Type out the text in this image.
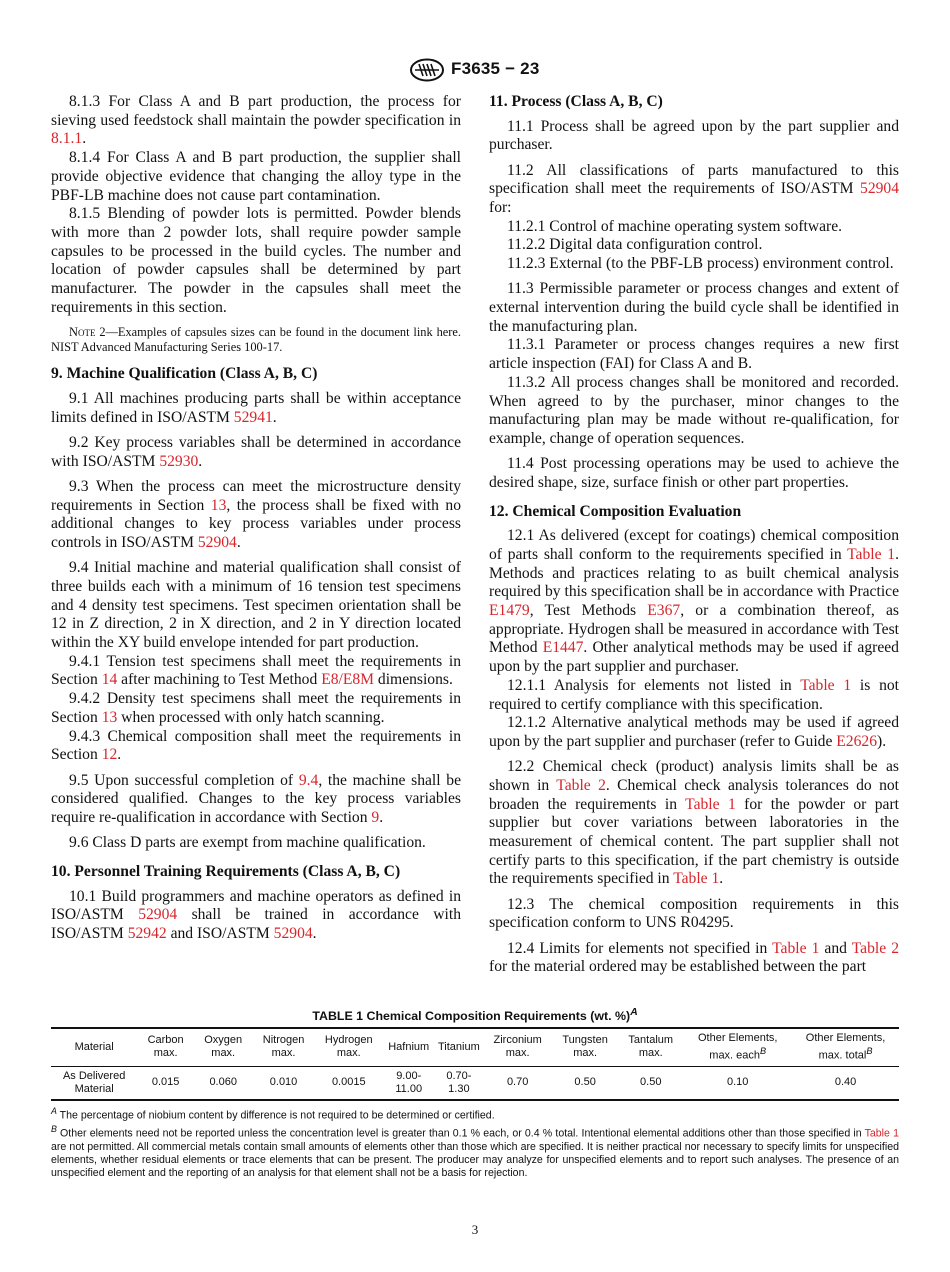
F3635 − 23

8.1.3 For Class A and B part production, the process for sieving used feedstock shall maintain the powder specification in 8.1.1.

8.1.4 For Class A and B part production, the supplier shall provide objective evidence that changing the alloy type in the PBF-LB machine does not cause part contamination.

8.1.5 Blending of powder lots is permitted. Powder blends with more than 2 powder lots, shall require powder sample capsules to be processed in the build cycles. The number and location of powder capsules shall be determined by part manufacturer. The powder in the capsules shall meet the requirements in this section.

Note 2—Examples of capsules sizes can be found in the document link here. NIST Advanced Manufacturing Series 100-17.

9. Machine Qualification (Class A, B, C)

9.1 All machines producing parts shall be within acceptance limits defined in ISO/ASTM 52941.

9.2 Key process variables shall be determined in accordance with ISO/ASTM 52930.

9.3 When the process can meet the microstructure density requirements in Section 13, the process shall be fixed with no additional changes to key process variables under process controls in ISO/ASTM 52904.

9.4 Initial machine and material qualification shall consist of three builds each with a minimum of 16 tension test specimens and 4 density test specimens. Test specimen orientation shall be 12 in Z direction, 2 in X direction, and 2 in Y direction located within the XY build envelope intended for part production.

9.4.1 Tension test specimens shall meet the requirements in Section 14 after machining to Test Method E8/E8M dimensions.

9.4.2 Density test specimens shall meet the requirements in Section 13 when processed with only hatch scanning.

9.4.3 Chemical composition shall meet the requirements in Section 12.

9.5 Upon successful completion of 9.4, the machine shall be considered qualified. Changes to the key process variables require re-qualification in accordance with Section 9.

9.6 Class D parts are exempt from machine qualification.

10. Personnel Training Requirements (Class A, B, C)

10.1 Build programmers and machine operators as defined in ISO/ASTM 52904 shall be trained in accordance with ISO/ASTM 52942 and ISO/ASTM 52904.

11. Process (Class A, B, C)

11.1 Process shall be agreed upon by the part supplier and purchaser.

11.2 All classifications of parts manufactured to this specification shall meet the requirements of ISO/ASTM 52904 for:

11.2.1 Control of machine operating system software.

11.2.2 Digital data configuration control.

11.2.3 External (to the PBF-LB process) environment control.

11.3 Permissible parameter or process changes and extent of external intervention during the build cycle shall be identified in the manufacturing plan.

11.3.1 Parameter or process changes requires a new first article inspection (FAI) for Class A and B.

11.3.2 All process changes shall be monitored and recorded. When agreed to by the purchaser, minor changes to the manufacturing plan may be made without re-qualification, for example, change of operation sequences.

11.4 Post processing operations may be used to achieve the desired shape, size, surface finish or other part properties.

12. Chemical Composition Evaluation

12.1 As delivered (except for coatings) chemical composition of parts shall conform to the requirements specified in Table 1. Methods and practices relating to as built chemical analysis required by this specification shall be in accordance with Practice E1479, Test Methods E367, or a combination thereof, as appropriate. Hydrogen shall be measured in accordance with Test Method E1447. Other analytical methods may be used if agreed upon by the part supplier and purchaser.

12.1.1 Analysis for elements not listed in Table 1 is not required to certify compliance with this specification.

12.1.2 Alternative analytical methods may be used if agreed upon by the part supplier and purchaser (refer to Guide E2626).

12.2 Chemical check (product) analysis limits shall be as shown in Table 2. Chemical check analysis tolerances do not broaden the requirements in Table 1 for the powder or part supplier but cover variations between laboratories in the measurement of chemical content. The part supplier shall not certify parts to this specification, if the part chemistry is outside the requirements specified in Table 1.

12.3 The chemical composition requirements in this specification conform to UNS R04295.

12.4 Limits for elements not specified in Table 1 and Table 2 for the material ordered may be established between the part

TABLE 1 Chemical Composition Requirements (wt. %)$^A$
Material	Carbon max.	Oxygen max.	Nitrogen max.	Hydrogen max.	Hafnium	Titanium	Zirconium max.	Tungsten max.	Tantalum max.	Other Elements, max. each$^B$	Other Elements, max. total$^B$
As Delivered Material	0.015	0.060	0.010	0.0015	9.00-11.00	0.70-1.30	0.70	0.50	0.50	0.10	0.40

$^A$ The percentage of niobium content by difference is not required to be determined or certified.

$^B$ Other elements need not be reported unless the concentration level is greater than 0.1 % each, or 0.4 % total. Intentional elemental additions other than those specified in Table 1 are not permitted. All commercial metals contain small amounts of elements other than those which are specified. It is neither practical nor necessary to specify limits for unspecified elements, whether residual elements or trace elements that can be present. The producer may analyze for unspecified elements and to report such analyses. The presence of an unspecified element and the reporting of an analysis for that element shall not be a basis for rejection.

3
